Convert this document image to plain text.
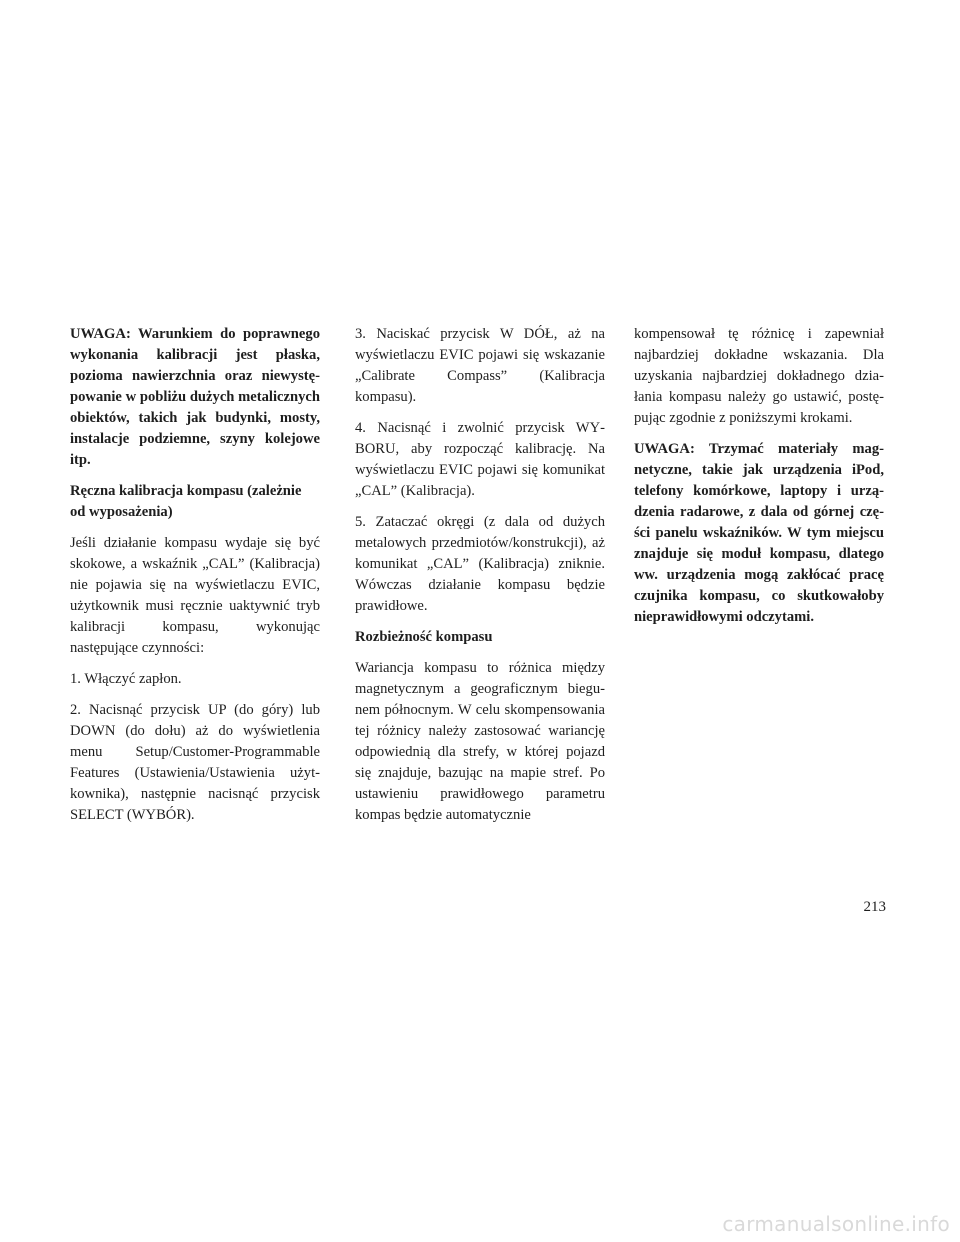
UWAGA: Warunkiem do poprawnego wykonania kalibracji jest płaska, pozioma nawierzchnia oraz niewystępowanie w pobliżu dużych metalicznych obiektów, takich jak budynki, mosty, instalacje podziemne, szyny kolejowe itp.

Ręczna kalibracja kompasu (zależnie od wyposażenia)

Jeśli działanie kompasu wydaje się być skokowe, a wskaźnik „CAL” (Kalibracja) nie pojawia się na wyświetlaczu EVIC, użytkownik musi ręcznie uaktywnić tryb kalibracji kompasu, wykonując następujące czynności:

1. Włączyć zapłon.

2. Nacisnąć przycisk UP (do góry) lub DOWN (do dołu) aż do wyświetlenia menu Setup/Customer-Programmable Features (Ustawienia/Ustawienia użytkownika), następnie nacisnąć przycisk SELECT (WYBÓR).

3. Naciskać przycisk W DÓŁ, aż na wyświetlaczu EVIC pojawi się wskazanie „Calibrate Compass” (Kalibracja kompasu).

4. Nacisnąć i zwolnić przycisk WYBORU, aby rozpocząć kalibrację. Na wyświetlaczu EVIC pojawi się komunikat „CAL” (Kalibracja).

5. Zataczać okręgi (z dala od dużych metalowych przedmiotów/konstrukcji), aż komunikat „CAL” (Kalibracja) zniknie. Wówczas działanie kompasu będzie prawidłowe.

Rozbieżność kompasu

Wariancja kompasu to różnica między magnetycznym a geograficznym biegunem północnym. W celu skompensowania tej różnicy należy zastosować wariancję odpowiednią dla strefy, w której pojazd się znajduje, bazując na mapie stref. Po ustawieniu prawidłowego parametru kompas będzie automatycznie

kompensował tę różnicę i zapewniał najbardziej dokładne wskazania. Dla uzyskania najbardziej dokładnego działania kompasu należy go ustawić, postępując zgodnie z poniższymi krokami.

UWAGA: Trzymać materiały magnetyczne, takie jak urządzenia iPod, telefony komórkowe, laptopy i urządzenia radarowe, z dala od górnej części panelu wskaźników. W tym miejscu znajduje się moduł kompasu, dlatego ww. urządzenia mogą zakłócać pracę czujnika kompasu, co skutkowałoby nieprawidłowymi odczytami.

213
carmanualsonline.info
